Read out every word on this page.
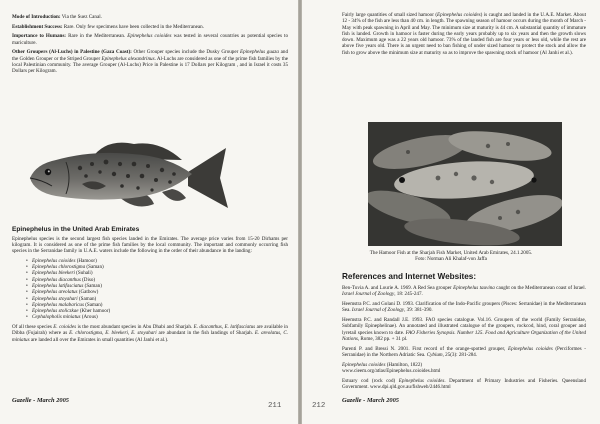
Mode of Introduction: Via the Suez Canal.

Establishment Success: Rare. Only few specimens have been collected in the Mediterranean.

Importance to Humans: Rare in the Mediterranean. Epinephelus coioides was tested in several countries as potential species to mariculture.

Other Groupers (Al-Luchs) in Palestine (Gaza Coast): Other Grouper species include the Dusky Grouper Epinephelus guaza and the Golden Grouper or the Striped Grouper Epinephelus alexandrinus. Al-Luchs are considered as one of the prime fish families by the local Palestinian community. The average Grouper (Al-Luchs) Price in Palestine is 17 Dollars per Kilogram , and in Israel it costs 35 Dollars per Kilogram.

Epinephelus in the United Arab Emirates

Epinephelus species is the second largest fish species landed in the Emirates. The average price varies from 15-20 Dirhams per kilogram. It is considered as one of the prime fish families by the local community. The important and commonly occurring fish species in the Serranidae family in U.A.E. waters include the following in the order of their abundance in the landing:

• Epinephelus coioides (Hamoor)
• Epinephelus chlorostigma (Saman)
• Epinephelus bleekeri (Suhali)
• Epinephelus diacanthus (Diso)
• Epinephelus latifasciatus (Saman)
• Epinephelus areolatus (Gatbow)
• Epinephelus stoyahari (Saman)
• Epinephelus malabaricus (Saman)
• Epinephelus stoliczkae (Kher hamoor)
• Cephalopholis miniatus (Arous)

Of all these species E. coioides is the most abundant species in Abu Dhabi and Sharjah. E. diacanthus, E. latifasciatus are available in Dibba (Fujairah) where as E. chlorostigma, E. bleekeri, E. stoyahari are abundant in the fish landings of Sharjah. E. areolatus, C. miniatus are landed all over the Emirates in small quantities (Al Janhi et al.).

Gazelle - March 2005
211

Fairly large quantities of small sized hamoor (Epinephelus coioides) is caught and landed in the U.A.E. Market. About 12 - 34% of the fish are less than 40 cm. in length. The spawning season of hamoor occurs during the month of March - May with peak spawning in April and May. The minimum size at maturity is 44 cm. A substantial quantity of immature fish is landed. Growth in hamoor is faster during the early years probably up to six years and then the growth slows down. Maximum age was a 22 years old hamoor. 73% of the landed fish are four years or less old, while the rest are above five years old. There is an urgent need to ban fishing of under sized hamoor to protect the stock and allow the fish to grow above the minimum size at maturity so as to improve the spawning stock of hamoor (Al Janhi et al.).

The Hamoor Fish at the Sharjah Fish Market, United Arab Emirates, 24.1.2005.
Foto: Norman Ali Khalaf-von Jaffa
References and Internet Websites:

Ben-Tuvia A. and Lourie A. 1969. A Red Sea grouper Epinephelus tauvina caught on the Mediterranean coast of Israel. Israel Journal of Zoology, 18: 245-247.

Heemstra P.C. and Golani D. 1993. Clarification of the Indo-Pacific groupers (Pisces: Serranidae) in the Mediterranean Sea. Israel Journal of Zoology, 39: 381-390.

Heemstra P.C. and Randall J.E. 1993. FAO species catalogue. Vol.16. Groupers of the world (Family Serranidae, Subfamily Epinephelinae). An annotated and illustrated catalogue of the groupers, rockcod, hind, coral grouper and lyretail species known to date. FAO Fisheries Synopsis. Number 125. Food and Agriculture Organization of the United Nations, Rome, 382 pp. + 31 pl.

Parenti P. and Bressi N. 2001. First record of the orange-spotted grouper, Epinephelus coioides (Perciformes - Serranidae) in the Northern Adriatic Sea. Cybium, 25(3): 281-284.

Epinephelus coioides (Hamilton, 1822)
www.cieem.org/atlas/Epinephelus.coioides.html

Estuary cod (rock cod) Epinephelus coioides. Department of Primary Industries and Fisheries. Queensland Government. www.dpi.qld.gov.au/fishweb/2446.html

212
Gazelle - March 2005
